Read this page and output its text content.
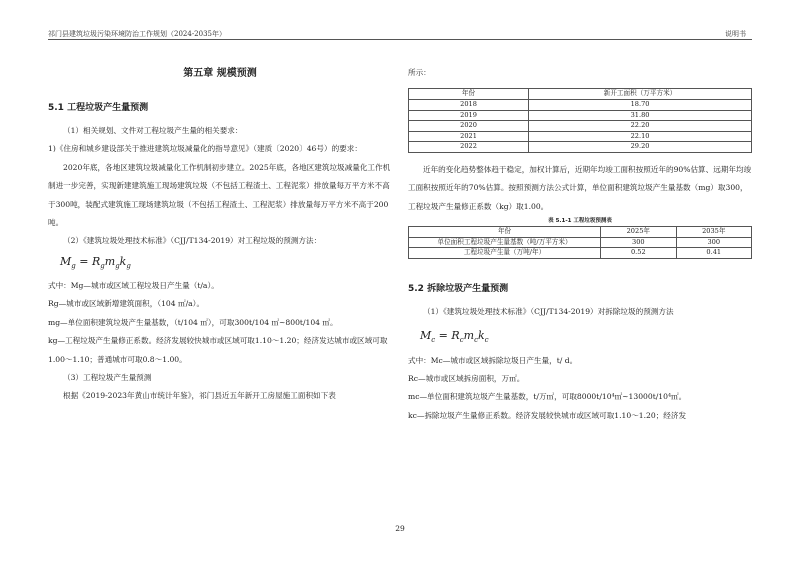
祁门县建筑垃圾污染环境防治工作规划（2024-2035年）	说明书
第五章 规模预测
5.1 工程垃圾产生量预测

（1）相关规划、文件对工程垃圾产生量的相关要求：

1)《住房和城乡建设部关于推进建筑垃圾减量化的指导意见》（建质〔2020〕46号）的要求：

2020年底，各地区建筑垃圾减量化工作机制初步建立。2025年底，各地区建筑垃圾减量化工作机制进一步完善，实现新建建筑施工现场建筑垃圾（不包括工程渣土、工程泥浆）排放量每万平方米不高于300吨，装配式建筑施工现场建筑垃圾（不包括工程渣土、工程泥浆）排放量每万平方米不高于200吨。

（2）《建筑垃圾处理技术标准》（CJJ/T134-2019）对工程垃圾的预测方法：

$M_g = R_gm_gk_g$

式中：Mg—城市或区域工程垃圾日产生量（t/a）。

Rg—城市或区域新增建筑面积，（104 ㎡/a）。

mg—单位面积建筑垃圾产生量基数，（t/104 ㎡），可取300t/104 ㎡~800t/104 ㎡。

kg—工程垃圾产生量修正系数。经济发展较快城市或区域可取1.10～1.20；经济发达城市或区域可取1.00～1.10；普通城市可取0.8～1.00。

（3）工程垃圾产生量预测

根据《2019-2023年黄山市统计年鉴》，祁门县近五年新开工房屋施工面积如下表

所示：

年份	新开工面积（万平方米）
2018	18.70
2019	31.80
2020	22.20
2021	22.10
2022	29.20

近年的变化趋势整体趋于稳定，加权计算后，近期年均竣工面积按照近年的90%估算、远期年均竣工面积按照近年的70%估算。按照预测方法公式计算，单位面积建筑垃圾产生量基数（mg）取300，工程垃圾产生量修正系数（kg）取1.00。

表 5.1-1 工程垃圾预测表
年份	2025年	2035年
单位面积工程垃圾产生量基数（吨/万平方米）	300	300
工程垃圾产生量（万吨/年）	0.52	0.41
5.2 拆除垃圾产生量预测

（1）《建筑垃圾处理技术标准》（CJJ/T134-2019）对拆除垃圾的预测方法

$M_c = R_cm_ck_c$

式中：Mc—城市或区域拆除垃圾日产生量，t/ d。

Rc—城市或区域拆房面积，万㎡。

mc—单位面积建筑垃圾产生量基数，t/万㎡，可取8000t/10⁴㎡~13000t/10⁴㎡。

kc—拆除垃圾产生量修正系数。经济发展较快城市或区域可取1.10～1.20；经济发

29
